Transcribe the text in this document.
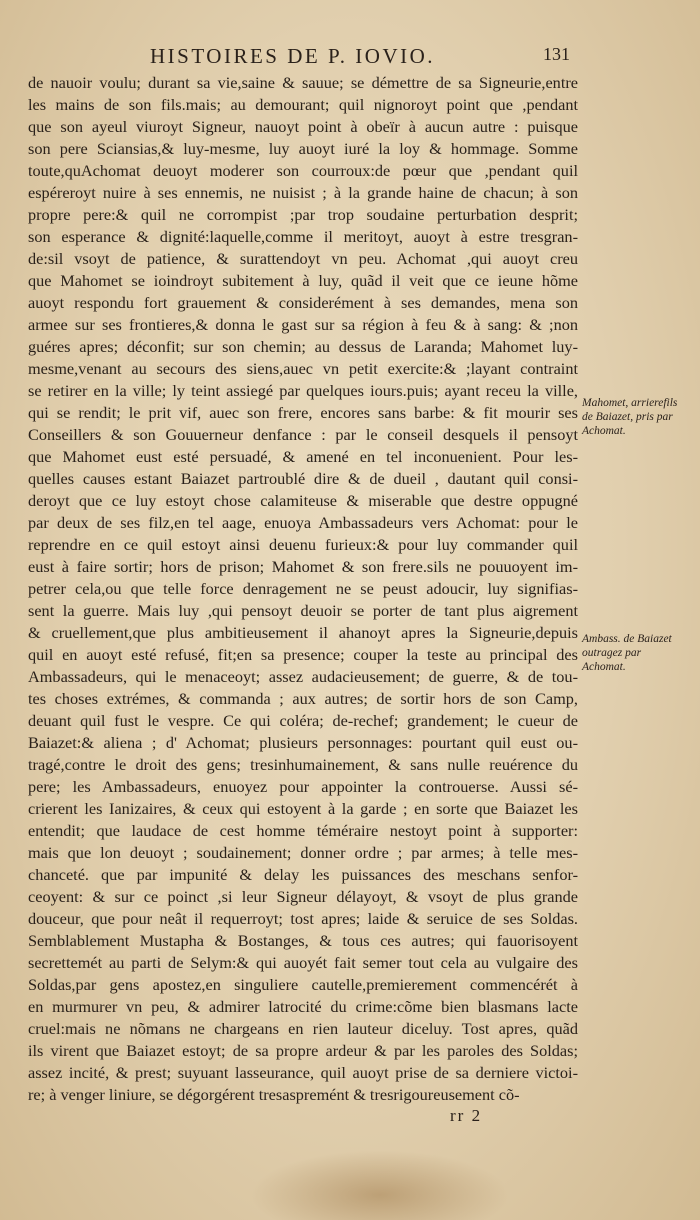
HISTOIRES DE P. IOVIO.	131
de nauoir voulu; durant sa vie,saine & sauue; se démettre de sa Signeurie,entre
les mains de son fils.mais; au demourant; quil nignoroyt point que ,pendant
que son ayeul viuroyt Signeur, nauoyt point à obeïr à aucun autre : puisque
son pere Sciansias,& luy-mesme, luy auoyt iuré la loy & hommage. Somme
toute,quAchomat deuoyt moderer son courroux:de pœur que ,pendant quil
espéreroyt nuire à ses ennemis, ne nuisist ; à la grande haine de chacun; à son
propre pere:& quil ne corrompist ;par trop soudaine perturbation desprit;
son esperance & dignité:laquelle,comme il meritoyt, auoyt à estre tresgran-
de:sil vsoyt de patience, & surattendoyt vn peu. Achomat ,qui auoyt creu
que Mahomet se ioindroyt subitement à luy, quãd il veit que ce ieune hõme
auoyt respondu fort grauement & considerément à ses demandes, mena son
armee sur ses frontieres,& donna le gast sur sa région à feu & à sang: & ;non
guéres apres; déconfit; sur son chemin; au dessus de Laranda; Mahomet luy-
mesme,venant au secours des siens,auec vn petit exercite:& ;layant contraint
se retirer en la ville; ly teint assiegé par quelques iours.puis; ayant receu la ville,
qui se rendit; le prit vif, auec son frere, encores sans barbe: & fit mourir ses
Conseillers & son Gouuerneur denfance : par le conseil desquels il pensoyt
que Mahomet eust esté persuadé, & amené en tel inconuenient. Pour les-
quelles causes estant Baiazet partroublé dire & de dueil , dautant quil consi-
deroyt que ce luy estoyt chose calamiteuse & miserable que destre oppugné
par deux de ses filz,en tel aage, enuoya Ambassadeurs vers Achomat: pour le
reprendre en ce quil estoyt ainsi deuenu furieux:& pour luy commander quil
eust à faire sortir; hors de prison; Mahomet & son frere.sils ne pouuoyent im-
petrer cela,ou que telle force denragement ne se peust adoucir, luy signifias-
sent la guerre. Mais luy ,qui pensoyt deuoir se porter de tant plus aigrement
& cruellement,que plus ambitieusement il ahanoyt apres la Signeurie,depuis
quil en auoyt esté refusé, fit;en sa presence; couper la teste au principal des
Ambassadeurs, qui le menaceoyt; assez audacieusement; de guerre, & de tou-
tes choses extrémes, & commanda ; aux autres; de sortir hors de son Camp,
deuant quil fust le vespre. Ce qui coléra; de-rechef; grandement; le cueur de
Baiazet:& aliena ; d' Achomat; plusieurs personnages: pourtant quil eust ou-
tragé,contre le droit des gens; tresinhumainement, & sans nulle reuérence du
pere; les Ambassadeurs, enuoyez pour appointer la controuerse. Aussi sé-
crierent les Ianizaires, & ceux qui estoyent à la garde ; en sorte que Baiazet les
entendit; que laudace de cest homme téméraire nestoyt point à supporter:
mais que lon deuoyt ; soudainement; donner ordre ; par armes; à telle mes-
chanceté. que par impunité & delay les puissances des meschans senfor-
ceoyent: & sur ce poinct ,si leur Signeur délayoyt, & vsoyt de plus grande
douceur, que pour neât il requerroyt; tost apres; laide & seruice de ses Soldas.
Semblablement Mustapha & Bostanges, & tous ces autres; qui fauorisoyent
secrettemét au parti de Selym:& qui auoyét fait semer tout cela au vulgaire des
Soldas,par gens apostez,en singuliere cautelle,premierement commencérét à
en murmurer vn peu, & admirer latrocité du crime:cõme bien blasmans lacte
cruel:mais ne nõmans ne chargeans en rien lauteur diceluy. Tost apres, quãd
ils virent que Baiazet estoyt; de sa propre ardeur & par les paroles des Soldas;
assez incité, & prest; suyuant lasseurance, quil auoyt prise de sa derniere victoi-
re; à venger liniure, se dégorgérent tresaspremént & tresrigoureusement cõ-
Mahomet, arrierefils de Baiazet, pris par Achomat.
Ambass. de Baiazet outragez par Achomat.
rr 2
